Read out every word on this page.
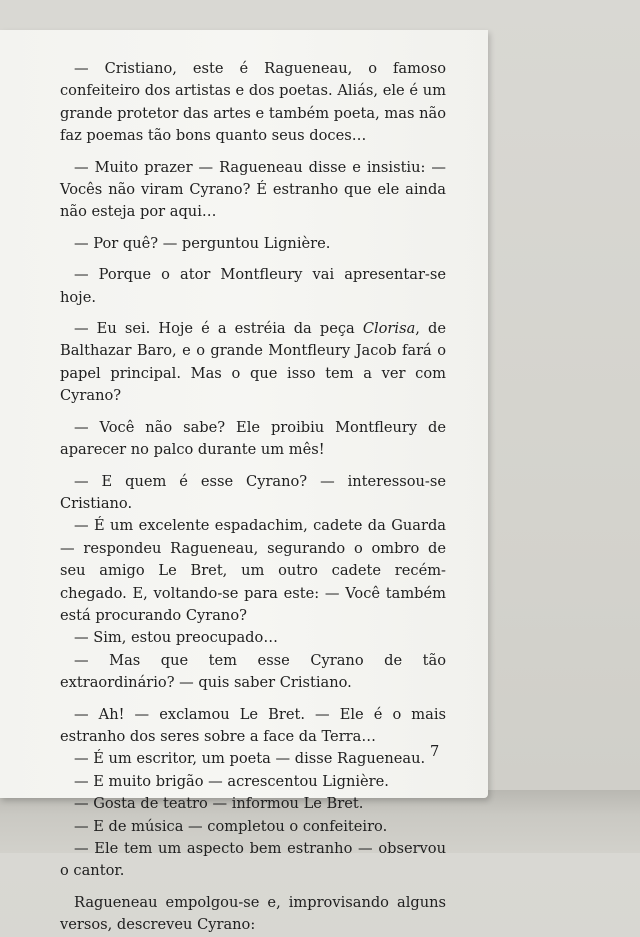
— Cristiano, este é Ragueneau, o famoso confeiteiro dos artistas e dos poetas. Aliás, ele é um grande protetor das artes e também poeta, mas não faz poemas tão bons quanto seus doces…

— Muito prazer — Ragueneau disse e insistiu: — Vocês não viram Cyrano? É estranho que ele ainda não esteja por aqui…

— Por quê? — perguntou Lignière.

— Porque o ator Montfleury vai apresentar-se hoje.

— Eu sei. Hoje é a estréia da peça Clorisa, de Balthazar Baro, e o grande Montfleury Jacob fará o papel principal. Mas o que isso tem a ver com Cyrano?

— Você não sabe? Ele proibiu Montfleury de aparecer no palco durante um mês!

— E quem é esse Cyrano? — interessou-se Cristiano.

— É um excelente espadachim, cadete da Guarda — respondeu Ragueneau, segurando o ombro de seu amigo Le Bret, um outro cadete recém-chegado. E, voltando-se para este: — Você também está procurando Cyrano?

— Sim, estou preocupado…

— Mas que tem esse Cyrano de tão extraordinário? — quis saber Cristiano.

— Ah! — exclamou Le Bret. — Ele é o mais estranho dos seres sobre a face da Terra…

— É um escritor, um poeta — disse Ragueneau.

— E muito brigão — acrescentou Lignière.

— Gosta de teatro — informou Le Bret.

— E de música — completou o confeiteiro.

— Ele tem um aspecto bem estranho — observou o cantor.

Ragueneau empolgou-se e, improvisando alguns versos, descreveu Cyrano:

7
